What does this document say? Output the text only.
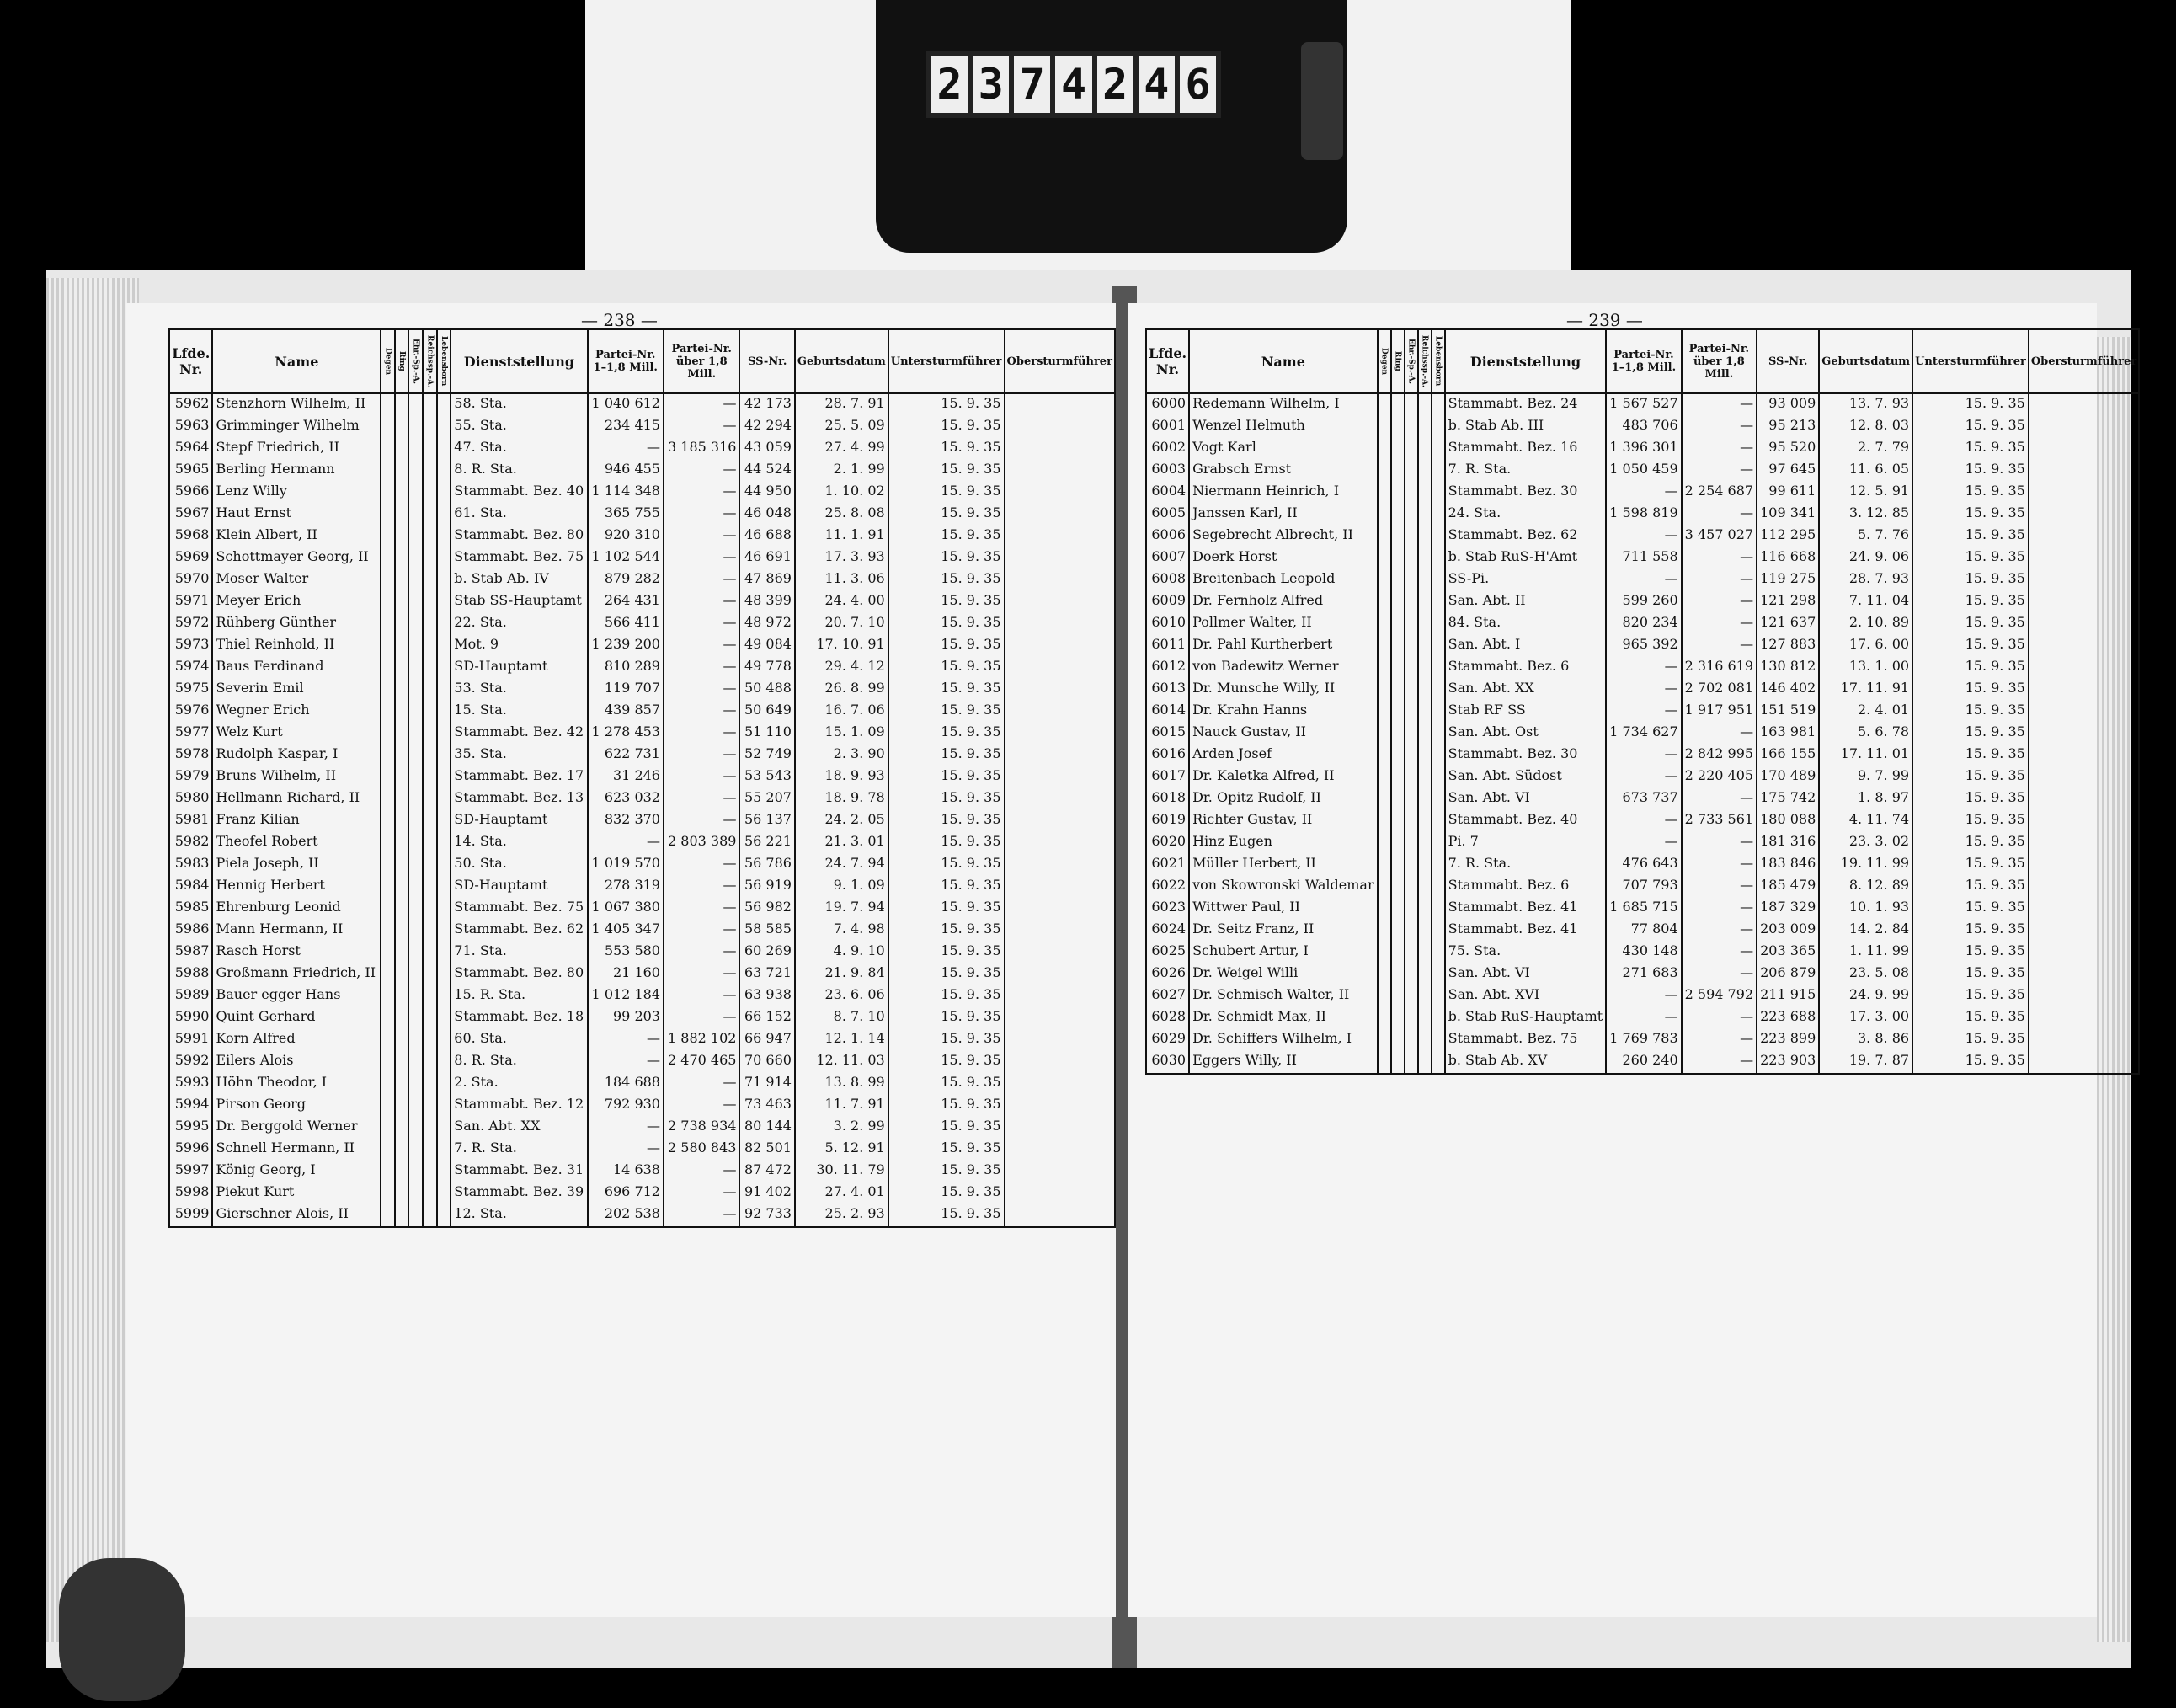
2 3 7 4 2 4 6
— 238 —
Lfde. Nr.	Name	Degen	Ring	Ehr.-Sp.-A.	Reichssp.-A.	Lebensborn	Dienststellung	Partei-Nr. 1–1,8 Mill.	Partei-Nr. über 1,8 Mill.	SS-Nr.	Geburtsdatum	Untersturmführer	Obersturmführer
5962	Stenzhorn Wilhelm, II						58. Sta.	1 040 612	—	42 173	28. 7. 91	15. 9. 35	
5963	Grimminger Wilhelm						55. Sta.	234 415	—	42 294	25. 5. 09	15. 9. 35	
5964	Stepf Friedrich, II						47. Sta.	—	3 185 316	43 059	27. 4. 99	15. 9. 35	
5965	Berling Hermann						8. R. Sta.	946 455	—	44 524	2. 1. 99	15. 9. 35	
5966	Lenz Willy						Stammabt. Bez. 40	1 114 348	—	44 950	1. 10. 02	15. 9. 35	
5967	Haut Ernst						61. Sta.	365 755	—	46 048	25. 8. 08	15. 9. 35	
5968	Klein Albert, II						Stammabt. Bez. 80	920 310	—	46 688	11. 1. 91	15. 9. 35	
5969	Schottmayer Georg, II						Stammabt. Bez. 75	1 102 544	—	46 691	17. 3. 93	15. 9. 35	
5970	Moser Walter						b. Stab Ab. IV	879 282	—	47 869	11. 3. 06	15. 9. 35	
5971	Meyer Erich						Stab SS-Hauptamt	264 431	—	48 399	24. 4. 00	15. 9. 35	
5972	Rühberg Günther						22. Sta.	566 411	—	48 972	20. 7. 10	15. 9. 35	
5973	Thiel Reinhold, II						Mot. 9	1 239 200	—	49 084	17. 10. 91	15. 9. 35	
5974	Baus Ferdinand						SD-Hauptamt	810 289	—	49 778	29. 4. 12	15. 9. 35	
5975	Severin Emil						53. Sta.	119 707	—	50 488	26. 8. 99	15. 9. 35	
5976	Wegner Erich						15. Sta.	439 857	—	50 649	16. 7. 06	15. 9. 35	
5977	Welz Kurt						Stammabt. Bez. 42	1 278 453	—	51 110	15. 1. 09	15. 9. 35	
5978	Rudolph Kaspar, I						35. Sta.	622 731	—	52 749	2. 3. 90	15. 9. 35	
5979	Bruns Wilhelm, II						Stammabt. Bez. 17	31 246	—	53 543	18. 9. 93	15. 9. 35	
5980	Hellmann Richard, II						Stammabt. Bez. 13	623 032	—	55 207	18. 9. 78	15. 9. 35	
5981	Franz Kilian						SD-Hauptamt	832 370	—	56 137	24. 2. 05	15. 9. 35	
5982	Theofel Robert						14. Sta.	—	2 803 389	56 221	21. 3. 01	15. 9. 35	
5983	Piela Joseph, II						50. Sta.	1 019 570	—	56 786	24. 7. 94	15. 9. 35	
5984	Hennig Herbert						SD-Hauptamt	278 319	—	56 919	9. 1. 09	15. 9. 35	
5985	Ehrenburg Leonid						Stammabt. Bez. 75	1 067 380	—	56 982	19. 7. 94	15. 9. 35	
5986	Mann Hermann, II						Stammabt. Bez. 62	1 405 347	—	58 585	7. 4. 98	15. 9. 35	
5987	Rasch Horst						71. Sta.	553 580	—	60 269	4. 9. 10	15. 9. 35	
5988	Großmann Friedrich, II						Stammabt. Bez. 80	21 160	—	63 721	21. 9. 84	15. 9. 35	
5989	Bauer egger Hans						15. R. Sta.	1 012 184	—	63 938	23. 6. 06	15. 9. 35	
5990	Quint Gerhard						Stammabt. Bez. 18	99 203	—	66 152	8. 7. 10	15. 9. 35	
5991	Korn Alfred						60. Sta.	—	1 882 102	66 947	12. 1. 14	15. 9. 35	
5992	Eilers Alois						8. R. Sta.	—	2 470 465	70 660	12. 11. 03	15. 9. 35	
5993	Höhn Theodor, I						2. Sta.	184 688	—	71 914	13. 8. 99	15. 9. 35	
5994	Pirson Georg						Stammabt. Bez. 12	792 930	—	73 463	11. 7. 91	15. 9. 35	
5995	Dr. Berggold Werner						San. Abt. XX	—	2 738 934	80 144	3. 2. 99	15. 9. 35	
5996	Schnell Hermann, II						7. R. Sta.	—	2 580 843	82 501	5. 12. 91	15. 9. 35	
5997	König Georg, I						Stammabt. Bez. 31	14 638	—	87 472	30. 11. 79	15. 9. 35	
5998	Piekut Kurt						Stammabt. Bez. 39	696 712	—	91 402	27. 4. 01	15. 9. 35	
5999	Gierschner Alois, II						12. Sta.	202 538	—	92 733	25. 2. 93	15. 9. 35	
— 239 —
Lfde. Nr.	Name	Degen	Ring	Ehr.-Sp.-A.	Reichssp.-A.	Lebensborn	Dienststellung	Partei-Nr. 1–1,8 Mill.	Partei-Nr. über 1,8 Mill.	SS-Nr.	Geburtsdatum	Untersturmführer	Obersturmführer
6000	Redemann Wilhelm, I						Stammabt. Bez. 24	1 567 527	—	93 009	13. 7. 93	15. 9. 35	
6001	Wenzel Helmuth						b. Stab Ab. III	483 706	—	95 213	12. 8. 03	15. 9. 35	
6002	Vogt Karl						Stammabt. Bez. 16	1 396 301	—	95 520	2. 7. 79	15. 9. 35	
6003	Grabsch Ernst						7. R. Sta.	1 050 459	—	97 645	11. 6. 05	15. 9. 35	
6004	Niermann Heinrich, I						Stammabt. Bez. 30	—	2 254 687	99 611	12. 5. 91	15. 9. 35	
6005	Janssen Karl, II						24. Sta.	1 598 819	—	109 341	3. 12. 85	15. 9. 35	
6006	Segebrecht Albrecht, II						Stammabt. Bez. 62	—	3 457 027	112 295	5. 7. 76	15. 9. 35	
6007	Doerk Horst						b. Stab RuS-H'Amt	711 558	—	116 668	24. 9. 06	15. 9. 35	
6008	Breitenbach Leopold						SS-Pi.	—	—	119 275	28. 7. 93	15. 9. 35	
6009	Dr. Fernholz Alfred						San. Abt. II	599 260	—	121 298	7. 11. 04	15. 9. 35	
6010	Pollmer Walter, II						84. Sta.	820 234	—	121 637	2. 10. 89	15. 9. 35	
6011	Dr. Pahl Kurtherbert						San. Abt. I	965 392	—	127 883	17. 6. 00	15. 9. 35	
6012	von Badewitz Werner						Stammabt. Bez. 6	—	2 316 619	130 812	13. 1. 00	15. 9. 35	
6013	Dr. Munsche Willy, II						San. Abt. XX	—	2 702 081	146 402	17. 11. 91	15. 9. 35	
6014	Dr. Krahn Hanns						Stab RF SS	—	1 917 951	151 519	2. 4. 01	15. 9. 35	
6015	Nauck Gustav, II						San. Abt. Ost	1 734 627	—	163 981	5. 6. 78	15. 9. 35	
6016	Arden Josef						Stammabt. Bez. 30	—	2 842 995	166 155	17. 11. 01	15. 9. 35	
6017	Dr. Kaletka Alfred, II						San. Abt. Südost	—	2 220 405	170 489	9. 7. 99	15. 9. 35	
6018	Dr. Opitz Rudolf, II						San. Abt. VI	673 737	—	175 742	1. 8. 97	15. 9. 35	
6019	Richter Gustav, II						Stammabt. Bez. 40	—	2 733 561	180 088	4. 11. 74	15. 9. 35	
6020	Hinz Eugen						Pi. 7	—	—	181 316	23. 3. 02	15. 9. 35	
6021	Müller Herbert, II						7. R. Sta.	476 643	—	183 846	19. 11. 99	15. 9. 35	
6022	von Skowronski Waldemar						Stammabt. Bez. 6	707 793	—	185 479	8. 12. 89	15. 9. 35	
6023	Wittwer Paul, II						Stammabt. Bez. 41	1 685 715	—	187 329	10. 1. 93	15. 9. 35	
6024	Dr. Seitz Franz, II						Stammabt. Bez. 41	77 804	—	203 009	14. 2. 84	15. 9. 35	
6025	Schubert Artur, I						75. Sta.	430 148	—	203 365	1. 11. 99	15. 9. 35	
6026	Dr. Weigel Willi						San. Abt. VI	271 683	—	206 879	23. 5. 08	15. 9. 35	
6027	Dr. Schmisch Walter, II						San. Abt. XVI	—	2 594 792	211 915	24. 9. 99	15. 9. 35	
6028	Dr. Schmidt Max, II						b. Stab RuS-Hauptamt	—	—	223 688	17. 3. 00	15. 9. 35	
6029	Dr. Schiffers Wilhelm, I						Stammabt. Bez. 75	1 769 783	—	223 899	3. 8. 86	15. 9. 35	
6030	Eggers Willy, II						b. Stab Ab. XV	260 240	—	223 903	19. 7. 87	15. 9. 35	
